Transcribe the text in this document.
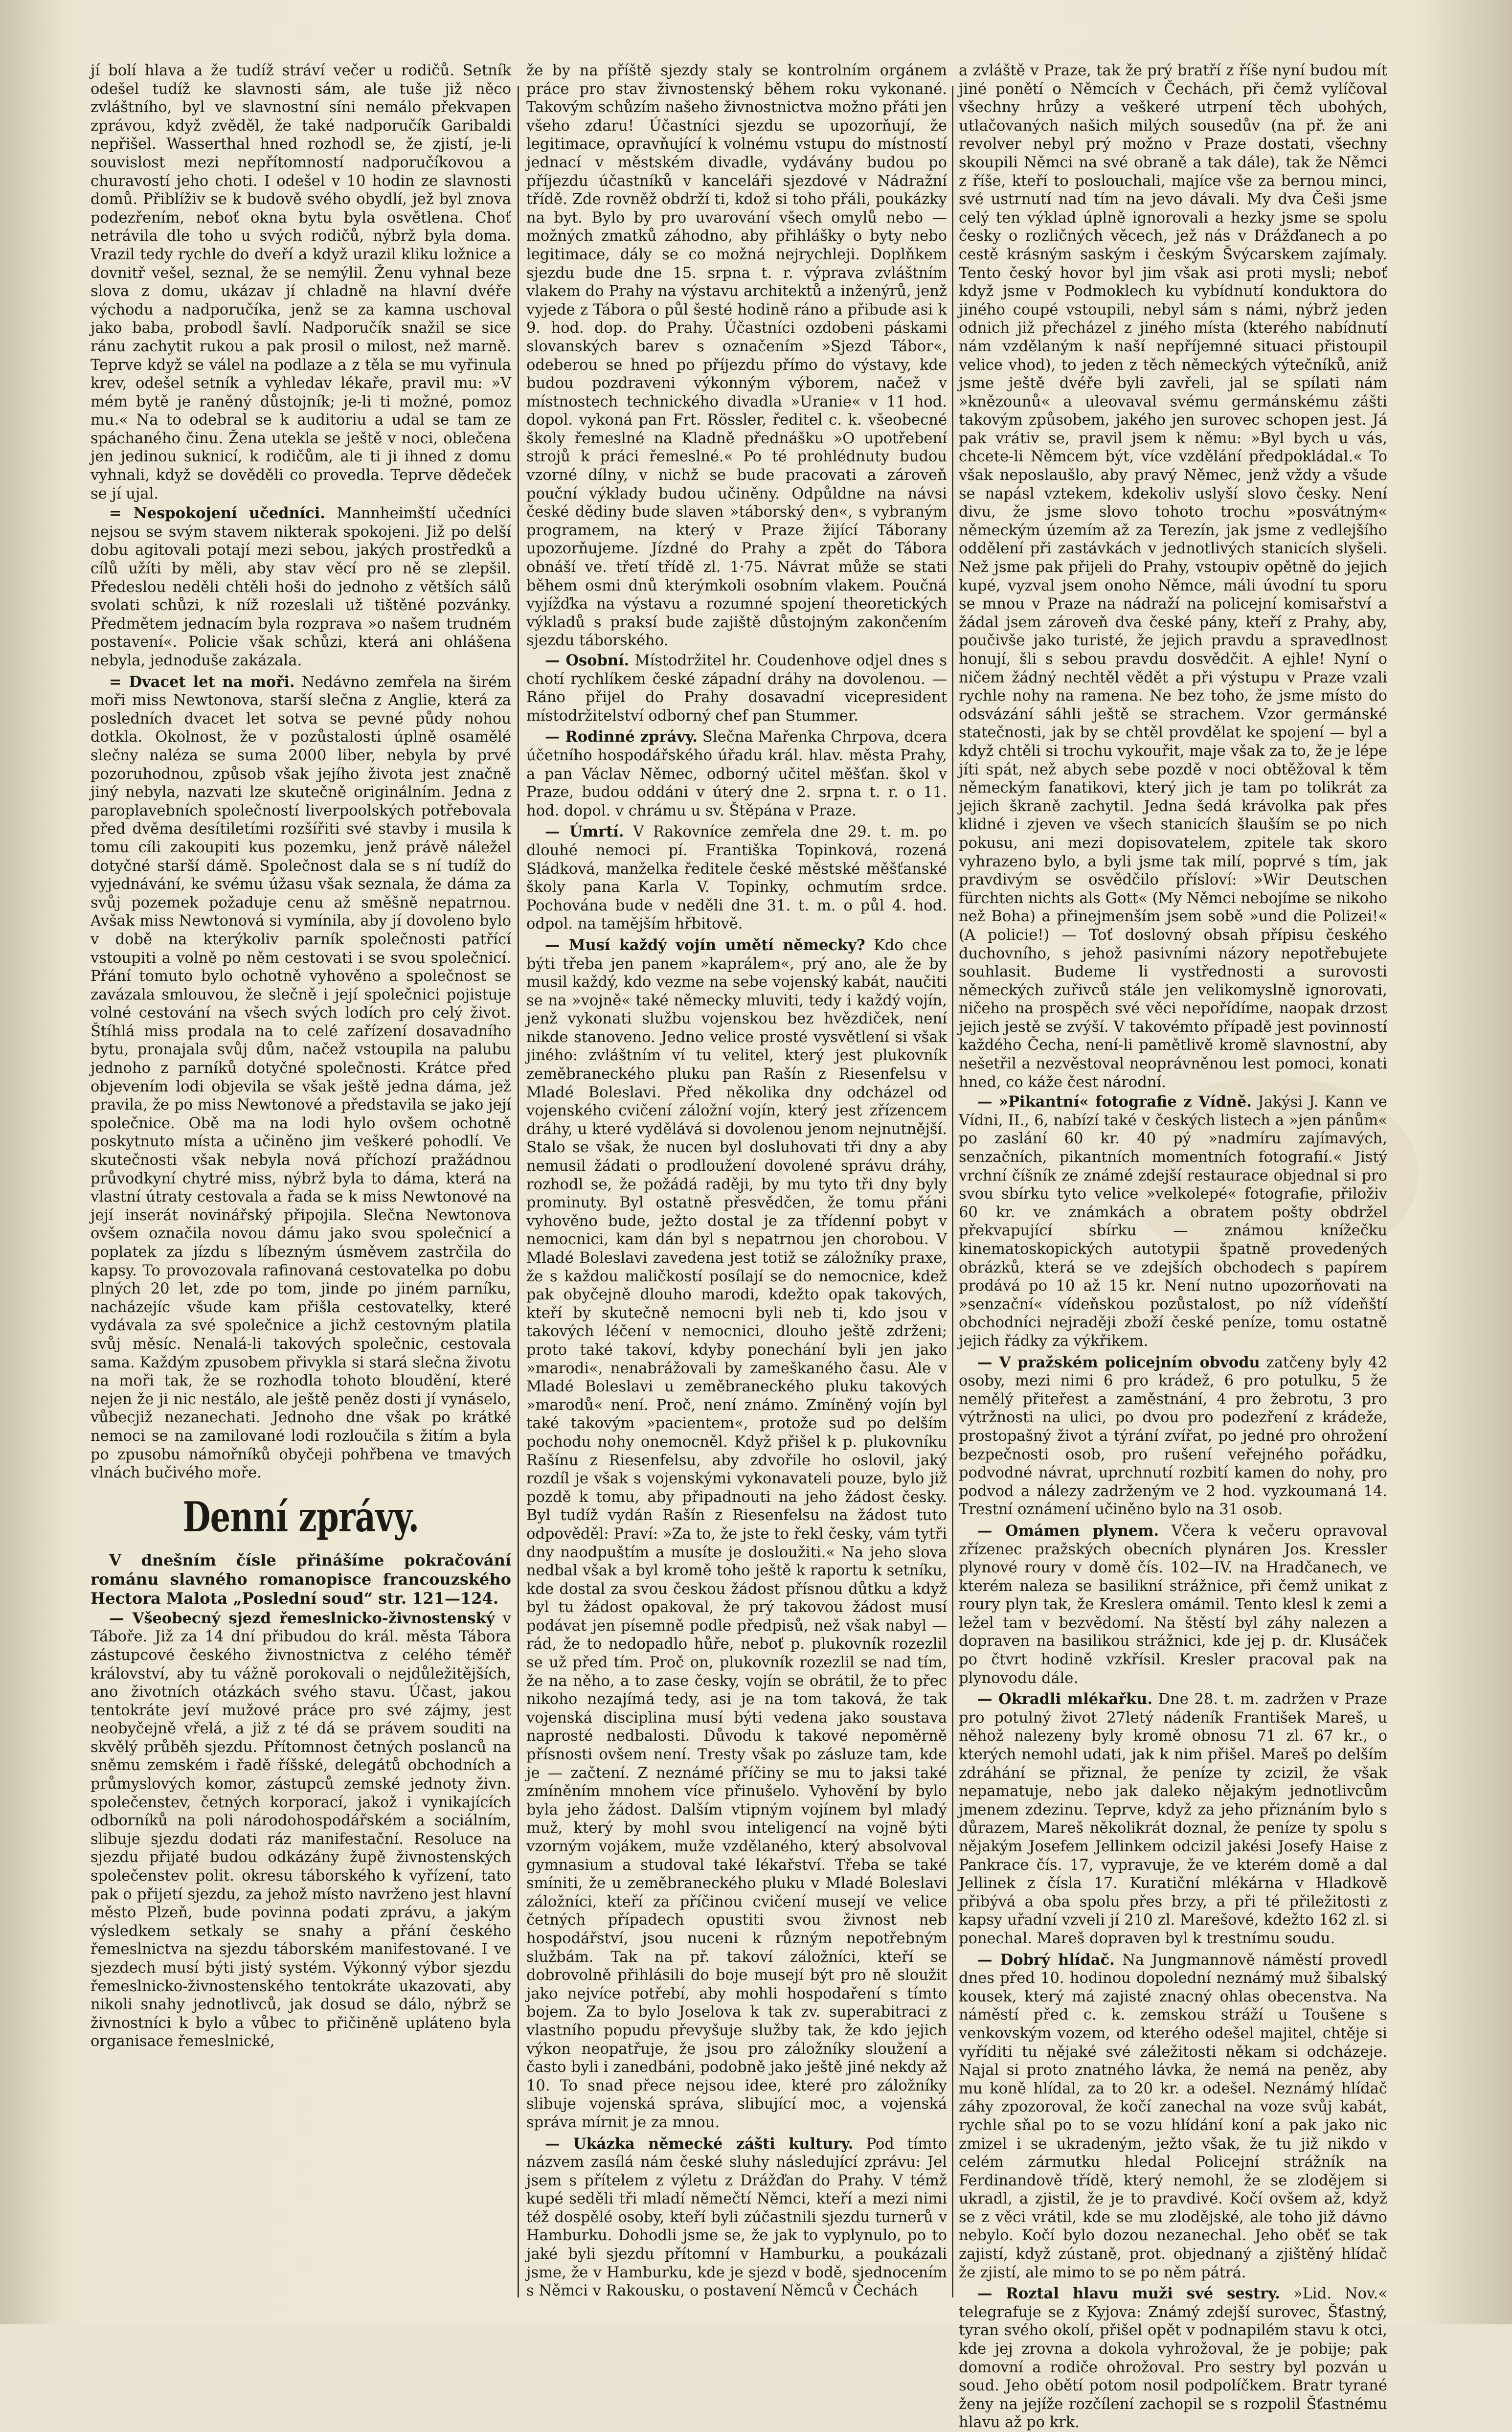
jí bolí hlava a že tudíž stráví večer u rodičů. Setník odešel tudíž ke slavnosti sám, ale tuše již něco zvláštního, byl ve slavnostní síni nemálo překvapen zprávou, když zvěděl, že také nadporučík Garibaldi nepřišel. Wasserthal hned rozhodl se, že zjistí, je-li souvislost mezi nepřítomností nadporučíkovou a churavostí jeho choti. I odešel v 10 hodin ze slavnosti domů. Přiblíživ se k budově svého obydlí, jež byl znova podezřením, neboť okna bytu byla osvětlena. Choť netrávila dle toho u svých rodičů, nýbrž byla doma. Vrazil tedy rychle do dveří a když urazil kliku ložnice a dovnitř vešel, seznal, že se nemýlil. Ženu vyhnal beze slova z domu, ukázav jí chladně na hlavní dvéře východu a nadporučíka, jenž se za kamna uschoval jako baba, probodl šavlí. Nadporučík snažil se sice ránu zachytit rukou a pak prosil o milost, než marně. Teprve když se válel na podlaze a z těla se mu vyřinula krev, odešel setník a vyhledav lékaře, pravil mu: »V mém bytě je raněný důstojník; je-li ti možné, pomoz mu.« Na to odebral se k auditoriu a udal se tam ze spáchaného činu. Žena utekla se ještě v noci, oblečena jen jedinou suknicí, k rodičům, ale ti ji ihned z domu vyhnali, když se dověděli co provedla. Teprve dědeček se jí ujal.

= Nespokojení učedníci. Mannheimští učedníci nejsou se svým stavem nikterak spokojeni. Již po delší dobu agitovali potají mezi sebou, jakých prostředků a cílů užíti by měli, aby stav věcí pro ně se zlepšil. Předeslou neděli chtěli hoši do jednoho z větších sálů svolati schůzi, k níž rozeslali už tištěné pozvánky. Předmětem jednacím byla rozprava »o našem trudném postavení«. Policie však schůzi, která ani ohlášena nebyla, jednoduše zakázala.

= Dvacet let na moři. Nedávno zemřela na širém moři miss Newtonova, starší slečna z Anglie, která za posledních dvacet let sotva se pevné půdy nohou dotkla. Okolnost, že v pozůstalosti úplně osamělé slečny naléza se suma 2000 liber, nebyla by prvé pozoruhodnou, způsob však jejího života jest značně jiný nebyla, nazvati lze skutečně originálním. Jedna z paroplavebních společností liverpoolských potřebovala před dvěma desítiletími rozšířiti své stavby i musila k tomu cíli zakoupiti kus pozemku, jenž právě náležel dotyčné starší dámě. Společnost dala se s ní tudíž do vyjednávání, ke svému úžasu však seznala, že dáma za svůj pozemek požaduje cenu až směšně nepatrnou. Avšak miss Newtonová si vymínila, aby jí dovoleno bylo v době na kterýkoliv parník společnosti patřící vstoupiti a volně po něm cestovati i se svou společnicí. Přání tomuto bylo ochotně vyhověno a společnost se zavázala smlouvou, že slečně i její společnici pojistuje volné cestování na všech svých lodích pro celý život. Štíhlá miss prodala na to celé zařízení dosavadního bytu, pronajala svůj dům, načež vstoupila na palubu jednoho z parníků dotyčné společnosti. Krátce před objevením lodi objevila se však ještě jedna dáma, jež pravila, že po miss Newtonové a představila se jako její společnice. Obě ma na lodi hylo ovšem ochotně poskytnuto místa a učiněno jim veškeré pohodlí. Ve skutečnosti však nebyla nová příchozí pražádnou průvodkyní chytré miss, nýbrž byla to dáma, která na vlastní útraty cestovala a řada se k miss Newtonové na její inserát novinářský připojila. Slečna Newtonova ovšem označila novou dámu jako svou společnicí a poplatek za jízdu s líbezným úsměvem zastrčila do kapsy. To provozovala rafinovaná cestovatelka po dobu plných 20 let, zde po tom, jinde po jiném parníku, nacházejíc všude kam přišla cestovatelky, které vydávala za své společnice a jichž cestovným platila svůj měsíc. Nenalá-li takových společnic, cestovala sama. Každým zpusobem přivykla si stará slečna životu na moři tak, že se rozhodla tohoto bloudění, které nejen že ji nic nestálo, ale ještě peněz dosti jí vynáselo, vůbecjiž nezanechati. Jednoho dne však po krátké nemoci se na zamilované lodi rozloučila s žitím a byla po zpusobu námořníků obyčeji pohřbena ve tmavých vlnách bučivého moře.

Denní zprávy.

V dnešním čísle přinášíme pokračování románu slavného romanopisce francouzského Hectora Malota „Poslední soud“ str. 121—124.

— Všeobecný sjezd řemeslnicko-živnostenský v Táboře. Již za 14 dní přibudou do král. města Tábora zástupcové českého živnostnictva z celého téměř království, aby tu vážně porokovali o nejdůležitějších, ano životních otázkách svého stavu. Účast, jakou tentokráte jeví mužové práce pro své zájmy, jest neobyčejně vřelá, a již z té dá se právem souditi na skvělý průběh sjezdu. Přítomnost četných poslanců na sněmu zemském i řadě říšské, delegátů obchodních a průmyslových komor, zástupců zemské jednoty živn. společenstev, četných korporací, jakož i vynikajících odborníků na poli národohospodářském a sociálním, slibuje sjezdu dodati ráz manifestační. Resoluce na sjezdu přijaté budou odkázány župě živnostenských společenstev polit. okresu táborského k vyřízení, tato pak o přijetí sjezdu, za jehož místo navrženo jest hlavní město Plzeň, bude povinna podati zprávu, a jakým výsledkem setkaly se snahy a přání českého řemeslnictva na sjezdu táborském manifestované. I ve sjezdech musí býti jistý systém. Výkonný výbor sjezdu řemeslnicko-živnostenského tentokráte ukazovati, aby nikoli snahy jednotlivců, jak dosud se dálo, nýbrž se živnostníci k bylo a vůbec to přičiněně upláteno byla organisace řemeslnické,

že by na příště sjezdy staly se kontrolním orgánem práce pro stav živnostenský během roku vykonané. Takovým schůzím našeho živnostnictva možno přáti jen všeho zdaru! Účastníci sjezdu se upozorňují, že legitimace, opravňující k volnému vstupu do místností jednací v městském divadle, vydávány budou po příjezdu účastníků v kanceláři sjezdové v Nádražní třídě. Zde rovněž obdrží ti, kdož si toho přáli, poukázky na byt. Bylo by pro uvarování všech omylů nebo — možných zmatků záhodno, aby přihlášky o byty nebo legitimace, dály se co možná nejrychleji. Doplňkem sjezdu bude dne 15. srpna t. r. výprava zvláštním vlakem do Prahy na výstavu architektů a inženýrů, jenž vyjede z Tábora o půl šesté hodině ráno a přibude asi k 9. hod. dop. do Prahy. Účastníci ozdobeni páskami slovanských barev s označením »Sjezd Tábor«, odeberou se hned po příjezdu přímo do výstavy, kde budou pozdraveni výkonným výborem, načež v místnostech technického divadla »Uranie« v 11 hod. dopol. vykoná pan Frt. Rössler, ředitel c. k. všeobecné školy řemeslné na Kladně přednášku »O upotřebení strojů k práci řemeslné.« Po té prohlédnuty budou vzorné dílny, v nichž se bude pracovati a zároveň pouční výklady budou učiněny. Odpůldne na návsi české dědiny bude slaven »táborský den«, s vybraným programem, na který v Praze žijící Táborany upozorňujeme. Jízdné do Prahy a zpět do Tábora obnáší ve. třetí třídě zl. 1·75. Návrat může se stati během osmi dnů kterýmkoli osobním vlakem. Poučná vyjížďka na výstavu a rozumné spojení theoretických výkladů s praksí bude zajiště důstojným zakončením sjezdu táborského.

— Osobní. Místodržitel hr. Coudenhove odjel dnes s chotí rychlíkem české západní dráhy na dovolenou. — Ráno přijel do Prahy dosavadní vicepresident místodržitelství odborný chef pan Stummer.

— Rodinné zprávy. Slečna Mařenka Chrpova, dcera účetního hospodářského úřadu král. hlav. města Prahy, a pan Václav Němec, odborný učitel měšťan. škol v Praze, budou oddáni v úterý dne 2. srpna t. r. o 11. hod. dopol. v chrámu u sv. Štěpána v Praze.

— Úmrtí. V Rakovníce zemřela dne 29. t. m. po dlouhé nemoci pí. Františka Topinková, rozená Sládková, manželka ředitele české městské měšťanské školy pana Karla V. Topinky, ochmutím srdce. Pochována bude v neděli dne 31. t. m. o půl 4. hod. odpol. na tamějším hřbitově.

— Musí každý vojín umětí německy? Kdo chce býti třeba jen panem »kaprálem«, prý ano, ale že by musil každý, kdo vezme na sebe vojenský kabát, naučiti se na »vojně« také německy mluviti, tedy i každý vojín, jenž vykonati službu vojenskou bez hvězdiček, není nikde stanoveno. Jedno velice prosté vysvětlení si však jiného: zvláštním ví tu velitel, který jest plukovník zeměbraneckého pluku pan Rašín z Riesenfelsu v Mladé Boleslavi. Před několika dny odcházel od vojenského cvičení záložní vojín, který jest zřízencem dráhy, u které vydělává si dovolenou jenom nejnutnější. Stalo se však, že nucen byl dosluhovati tři dny a aby nemusil žádati o prodloužení dovolené správu dráhy, rozhodl se, že požádá raději, by mu tyto tři dny byly prominuty. Byl ostatně přesvědčen, že tomu přáni vyhověno bude, ježto dostal je za třídenní pobyt v nemocnici, kam dán byl s nepatrnou jen chorobou. V Mladé Boleslavi zavedena jest totiž se záložníky praxe, že s každou maličkostí posílají se do nemocnice, kdež pak obyčejně dlouho marodi, kdežto opak takových, kteří by skutečně nemocni byli neb ti, kdo jsou v takových léčení v nemocnici, dlouho ještě zdrženi; proto také takoví, kdyby ponechání byli jen jako »marodi«, nenabrážovali by zameškaného času. Ale v Mladé Boleslavi u zeměbraneckého pluku takových »marodů« není. Proč, není známo. Zmíněný vojín byl také takovým »pacientem«, protože sud po delším pochodu nohy onemocněl. Když přišel k p. plukovníku Rašínu z Riesenfelsu, aby zdvořile ho oslovil, jaký rozdíl je však s vojenskými vykonavateli pouze, bylo již pozdě k tomu, aby připadnouti na jeho žádost česky. Byl tudíž vydán Rašín z Riesenfelsu na žádost tuto odpověděl: Praví: »Za to, že jste to řekl česky, vám tytři dny naodpuštím a musíte je dosloužiti.« Na jeho slova nedbal však a byl kromě toho ještě k raportu k setníku, kde dostal za svou českou žádost přísnou důtku a když byl tu žádost opakoval, že prý takovou žádost musí podávat jen písemně podle předpisů, než však nabyl — rád, že to nedopadlo hůře, neboť p. plukovník rozezlil se už před tím. Proč on, plukovník rozezlil se nad tím, že na něho, a to zase česky, vojín se obrátil, že to přec nikoho nezajímá tedy, asi je na tom taková, že tak vojenská disciplina musí býti vedena jako soustava naprosté nedbalosti. Důvodu k takové nepoměrně přísnosti ovšem není. Tresty však po zásluze tam, kde je — začtení. Z neznámé příčiny se mu to jaksi také zmíněním mnohem více přinušelo. Vyhovění by bylo byla jeho žádost. Dalším vtipným vojínem byl mladý muž, který by mohl svou inteligencí na vojně býti vzorným vojákem, muže vzdělaného, který absolvoval gymnasium a studoval také lékařství. Třeba se také smíniti, že u zeměbraneckého pluku v Mladé Boleslavi záložníci, kteří za příčinou cvičení musejí ve velice četných případech opustiti svou živnost neb hospodářství, jsou nuceni k různým nepotřebným službám. Tak na př. takoví záložníci, kteří se dobrovolně přihlásili do boje musejí být pro ně sloužit jako nejvíce potřebí, aby mohli hospodaření s tímto bojem. Za to bylo Joselova k tak zv. superabitraci z vlastního popudu převyšuje služby tak, že kdo jejich výkon neopatřuje, že jsou pro záložníky sloužení a často byli i zanedbáni, podobně jako ještě jiné nekdy až 10. To snad přece nejsou idee, které pro záložníky slibuje vojenská správa, slibující moc, a vojenská správa mírnit je za mnou.

— Ukázka německé zášti kultury. Pod tímto názvem zasílá nám české sluhy následující zprávu: Jel jsem s přítelem z výletu z Drážďan do Prahy. V témž kupé seděli tři mladí němečtí Němci, kteří a mezi nimi též dospělé osoby, kteří byli zúčastnili sjezdu turnerů v Hamburku. Dohodli jsme se, že jak to vyplynulo, po to jaké byli sjezdu přítomní v Hamburku, a poukázali jsme, že v Hamburku, kde je sjezd v bodě, sjednocením s Němci v Rakousku, o postavení Němců v Čechách

a zvláště v Praze, tak že prý bratří z říše nyní budou mít jiné ponětí o Němcích v Čechách, při čemž vylíčoval všechny hrůzy a veškeré utrpení těch ubohých, utlačovaných našich milých sousedův (na př. že ani revolver nebyl prý možno v Praze dostati, všechny skoupili Němci na své obraně a tak dále), tak že Němci z říše, kteří to poslouchali, majíce vše za bernou minci, své ustrnutí nad tím na jevo dávali. My dva Češi jsme celý ten výklad úplně ignorovali a hezky jsme se spolu česky o rozličných věcech, jež nás v Drážďanech a po cestě krásným saským i českým Švýcarskem zajímaly. Tento český hovor byl jim však asi proti mysli; neboť když jsme v Podmoklech ku vybídnutí konduktora do jiného coupé vstoupili, nebyl sám s námi, nýbrž jeden odnich již přecházel z jiného místa (kterého nabídnutí nám vzdělaným k naší nepříjemné situaci přistoupil velice vhod), to jeden z těch německých výtečníků, aniž jsme ještě dvéře byli zavřeli, jal se spílati nám »knězounů« a uleovaval svému germánskému zášti takovým způsobem, jakého jen surovec schopen jest. Já pak vrátiv se, pravil jsem k němu: »Byl bych u vás, chcete-li Němcem být, více vzdělání předpokládal.« To však neposlaušlo, aby pravý Němec, jenž vždy a všude se napásl vztekem, kdekoliv uslyší slovo česky. Není divu, že jsme slovo tohoto trochu »posvátným« německým územím až za Terezín, jak jsme z vedlejšího oddělení při zastávkách v jednotlivých stanicích slyšeli. Než jsme pak přijeli do Prahy, vstoupiv opětně do jejich kupé, vyzval jsem onoho Němce, máli úvodní tu sporu se mnou v Praze na nádraží na policejní komisařství a žádal jsem zároveň dva české pány, kteří z Prahy, aby, poučivše jako turisté, že jejich pravdu a spravedlnost honují, šli s sebou pravdu dosvědčit. A ejhle! Nyní o ničem žádný nechtěl vědět a při výstupu v Praze vzali rychle nohy na ramena. Ne bez toho, že jsme místo do odsvázání sáhli ještě se strachem. Vzor germánské statečnosti, jak by se chtěl provdělat ke spojení — byl a když chtěli si trochu vykouřit, maje však za to, že je lépe jíti spát, než abych sebe pozdě v noci obtěžoval k těm německým fanatikovi, který jich je tam po tolikrát za jejich škraně zachytil. Jedna šedá krávolka pak přes klidné i zjeven ve všech stanicích šlauším se po nich pokusu, ani mezi dopisovatelem, zpitele tak skoro vyhrazeno bylo, a byli jsme tak milí, poprvé s tím, jak pravdivým se osvědčilo přísloví: »Wir Deutschen fürchten nichts als Gott« (My Němci nebojíme se nikoho než Boha) a přinejmenším jsem sobě »und die Polizei!« (A policie!) — Toť doslovný obsah přípisu českého duchovního, s jehož pasivními názory nepotřebujete souhlasit. Budeme li vystřednosti a surovosti německých zuřivců stále jen velikomyslně ignorovati, ničeho na prospěch své věci nepořídíme, naopak drzost jejich jestě se zvýší. V takovémto případě jest povinností každého Čecha, není-li pamětlivě kromě slavnostní, aby nešetřil a nezvěstoval neoprávněnou lest pomoci, konati hned, co káže čest národní.

— »Pikantní« fotografie z Vídně. Jakýsi J. Kann ve Vídni, II., 6, nabízí také v českých listech a »jen pánům« po zaslání 60 kr. 40 pý »nadmíru zajímavých, senzačních, pikantních momentních fotografií.« Jistý vrchní číšník ze známé zdejší restaurace objednal si pro svou sbírku tyto velice »velkolepé« fotografie, přiloživ 60 kr. ve známkách a obratem pošty obdržel překvapující sbírku — známou knížečku kinematoskopických autotypii špatně provedených obrázků, která se ve zdejších obchodech s papírem prodává po 10 až 15 kr. Není nutno upozorňovati na »senzační« vídeňskou pozůstalost, po níž vídeňští obchodníci nejraději zboží české peníze, tomu ostatně jejich řádky za výkřikem.

— V pražském policejním obvodu zatčeny byly 42 osoby, mezi nimi 6 pro krádež, 6 pro potulku, 5 že nemělý přiteřest a zaměstnání, 4 pro žebrotu, 3 pro výtržnosti na ulici, po dvou pro podezření z krádeže, prostopašný život a týrání zvířat, po jedné pro ohrožení bezpečnosti osob, pro rušení veřejného pořádku, podvodné návrat, uprchnutí rozbití kamen do nohy, pro podvod a nálezy zadrženým ve 2 hod. vyzkoumaná 14. Trestní oznámení učiněno bylo na 31 osob.

— Omámen plynem. Včera k večeru opravoval zřízenec pražských obecních plynáren Jos. Kressler plynové roury v domě čís. 102—IV. na Hradčanech, ve kterém naleza se basilikní strážnice, při čemž unikat z roury plyn tak, že Kreslera omámil. Tento klesl k zemi a ležel tam v bezvědomí. Na štěstí byl záhy nalezen a dopraven na basilikou strážnici, kde jej p. dr. Klusáček po čtvrt hodině vzkřísil. Kresler pracoval pak na plynovodu dále.

— Okradli mlékařku. Dne 28. t. m. zadržen v Praze pro potulný život 27letý nádeník František Mareš, u něhož nalezeny byly kromě obnosu 71 zl. 67 kr., o kterých nemohl udati, jak k nim přišel. Mareš po delším zdráhání se přiznal, že peníze ty zcizil, že však nepamatuje, nebo jak daleko nějakým jednotlivcům jmenem zdezinu. Teprve, když za jeho přiznáním bylo s důrazem, Mareš několikrát doznal, že peníze ty spolu s nějakým Josefem Jellinkem odcizil jakési Josefy Haise z Pankrace čís. 17, vypravuje, že ve kterém domě a dal Jellinek z čísla 17. Kuratiční mlékárna v Hladkově přibývá a oba spolu přes brzy, a při té přiležitosti z kapsy uřadní vzveli jí 210 zl. Marešové, kdežto 162 zl. si ponechal. Mareš dopraven byl k trestnímu soudu.

— Dobrý hlídač. Na Jungmannově náměstí provedl dnes před 10. hodinou dopolední neznámý muž šibalský kousek, který má zajisté znacný ohlas obecenstva. Na náměstí před c. k. zemskou stráží u Toušene s venkovským vozem, od kterého odešel majitel, chtěje si vyříditi tu nějaké své záležitosti někam si odcházeje. Najal si proto znatného lávka, že nemá na peněz, aby mu koně hlídal, za to 20 kr. a odešel. Neznámý hlídač záhy zpozoroval, že kočí zanechal na voze svůj kabát, rychle sňal po to se vozu hlídání koní a pak jako nic zmizel i se ukradeným, ježto však, že tu již nikdo v celém zármutku hledal Policejní strážník na Ferdinandově třídě, který nemohl, že se zlodějem si ukradl, a zjistil, že je to pravdivé. Kočí ovšem až, když se z věci vrátil, kde se mu zlodějské, ale toho již dávno nebylo. Kočí bylo dozou nezanechal. Jeho oběť se tak zajistí, když zústaně, prot. objednaný a zjištěný hlídač že zjistí, ale mimo to se po něm pátrá.

— Roztal hlavu muži své sestry. »Lid. Nov.« telegrafuje se z Kyjova: Známý zdejší surovec, Šťastný, tyran svého okolí, přišel opět v podnapilém stavu k otci, kde jej zrovna a dokola vyhrožoval, že je pobije; pak domovní a rodiče ohrožoval. Pro sestry byl pozván u soud. Jeho obětí potom nosil podpolíčkem. Bratr tyrané ženy na jejíže rozčílení zachopil se s rozpolil Šťastnému hlavu až po krk.
